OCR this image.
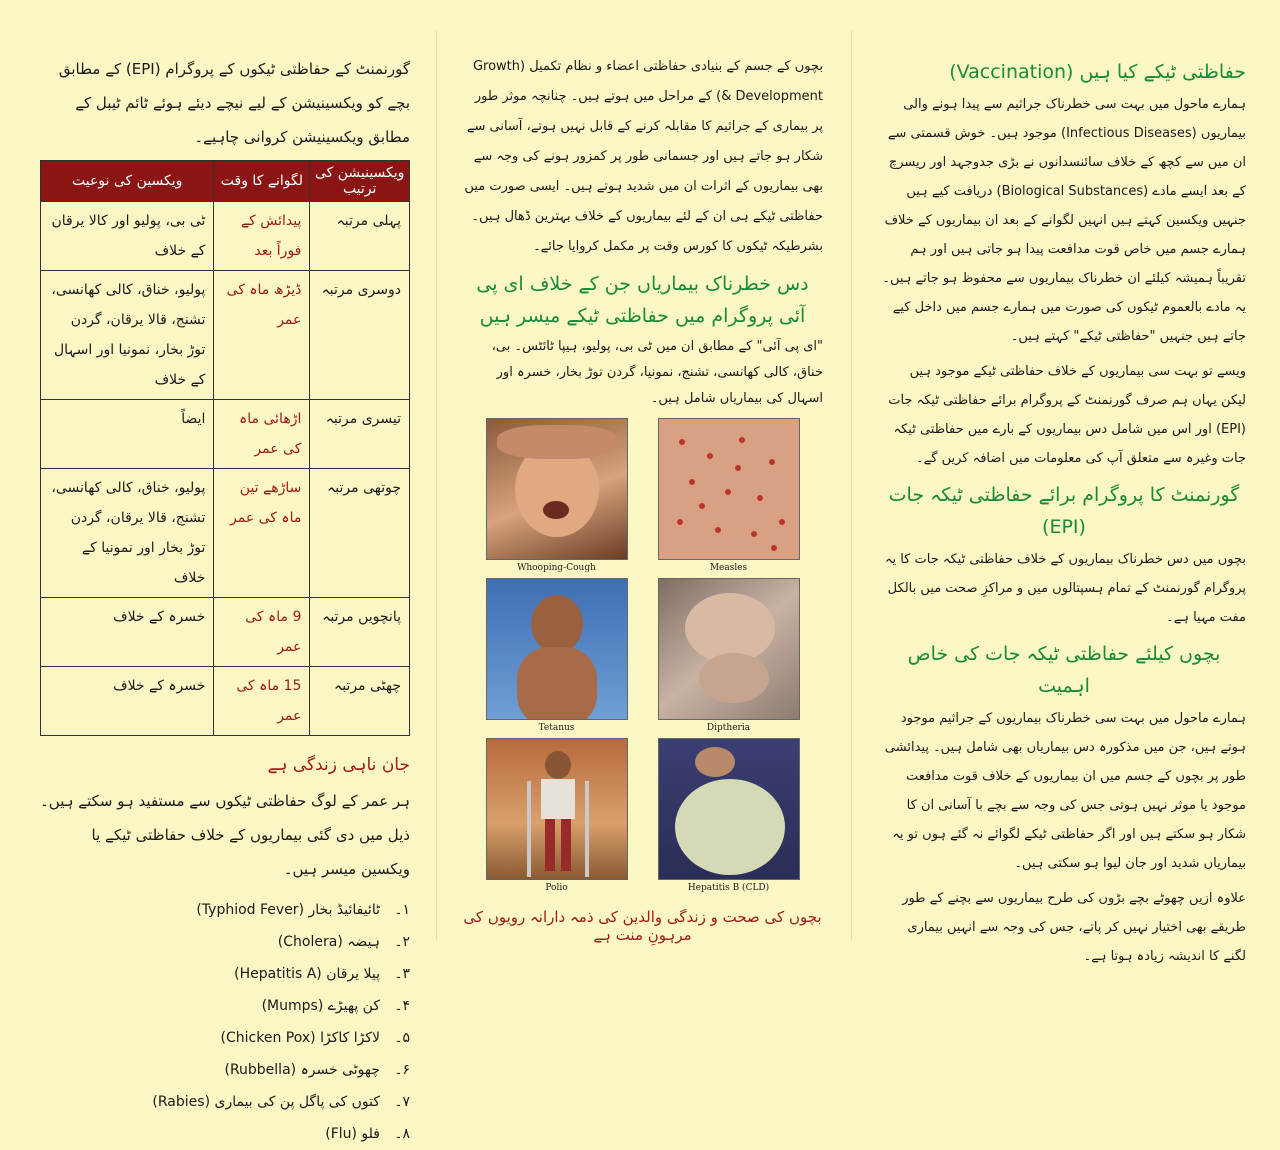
گورنمنٹ کے حفاظتی ٹیکوں کے پروگرام (EPI) کے مطابق بچے کو ویکسینیشن کے لیے نیچے دیئے ہوئے ٹائم ٹیبل کے مطابق ویکسینیشن کروانی چاہیے۔

ویکسینیشن کی ترتیب	لگوانے کا وقت	ویکسین کی نوعیت
پہلی مرتبہ	پیدائش کے فوراً بعد	ٹی بی، پولیو اور کالا یرقان کے خلاف
دوسری مرتبہ	ڈیڑھ ماہ کی عمر	پولیو، خناق، کالی کھانسی، تشنج، قالا یرقان، گردن توڑ بخار، نمونیا اور اسہال کے خلاف
تیسری مرتبہ	اڑھائی ماہ کی عمر	ایضاً
چوتھی مرتبہ	ساڑھے تین ماہ کی عمر	پولیو، خناق، کالی کھانسی، تشنج، قالا یرقان، گردن توڑ بخار اور نمونیا کے خلاف
پانچویں مرتبہ	9 ماہ کی عمر	خسرہ کے خلاف
چھٹی مرتبہ	15 ماہ کی عمر	خسرہ کے خلاف
جان ناہی زندگی ہے

ہر عمر کے لوگ حفاظتی ٹیکوں سے مستفید ہو سکتے ہیں۔ ذیل میں دی گئی بیماریوں کے خلاف حفاظتی ٹیکے یا ویکسین میسر ہیں۔

۱۔ٹائیفائیڈ بخار (Typhiod Fever)
۲۔ہیضہ (Cholera)
۳۔پیلا یرقان (Hepatitis A)
۴۔کن پھیڑے (Mumps)
۵۔لاکڑا کاکڑا (Chicken Pox)
۶۔چھوٹی خسرہ (Rubbella)
۷۔کتوں کی پاگل پن کی بیماری (Rabies)
۸۔فلو (Flu)

بچوں کے جسم کے بنیادی حفاظتی اعضاء و نظام تکمیل (Growth & Development) کے مراحل میں ہوتے ہیں۔ چنانچہ موثر طور پر بیماری کے جراثیم کا مقابلہ کرنے کے قابل نہیں ہوتے، آسانی سے شکار ہو جاتے ہیں اور جسمانی طور پر کمزور ہونے کی وجہ سے بھی بیماریوں کے اثرات ان میں شدید ہوتے ہیں۔ ایسی صورت میں حفاظتی ٹیکے ہی ان کے لئے بیماریوں کے خلاف بہترین ڈھال ہیں۔ بشرطیکہ ٹیکوں کا کورس وقت پر مکمل کروایا جائے۔

دس خطرناک بیماریاں جن کے خلاف ای پی آئی پروگرام میں حفاظتی ٹیکے میسر ہیں

"ای پی آئی" کے مطابق ان میں ٹی بی، پولیو، ہیپا ٹائٹس۔ بی، خناق، کالی کھانسی، تشنج، نمونیا، گردن توڑ بخار، خسرہ اور اسہال کی بیماریاں شامل ہیں۔

Whooping-Cough	Measles
Tetanus	Diptheria
Polio	Hepatitis B (CLD)
بچوں کی صحت و زندگی والدین کی ذمہ دارانہ رویوں کی مرہونِ منت ہے
حفاظتی ٹیکے کیا ہیں (Vaccination)

ہمارے ماحول میں بہت سی خطرناک جراثیم سے پیدا ہونے والی بیماریوں (Infectious Diseases) موجود ہیں۔ خوش قسمتی سے ان میں سے کچھ کے خلاف سائنسدانوں نے بڑی جدوجہد اور ریسرچ کے بعد ایسے مادے (Biological Substances) دریافت کیے ہیں جنہیں ویکسین کہتے ہیں انہیں لگوانے کے بعد ان بیماریوں کے خلاف ہمارے جسم میں خاص قوت مدافعت پیدا ہو جاتی ہیں اور ہم تقریباً ہمیشہ کیلئے ان خطرناک بیماریوں سے محفوظ ہو جاتے ہیں۔ یہ مادے بالعموم ٹیکوں کی صورت میں ہمارے جسم میں داخل کیے جاتے ہیں جنہیں "حفاظتی ٹیکے" کہتے ہیں۔

ویسے تو بہت سی بیماریوں کے خلاف حفاظتی ٹیکے موجود ہیں لیکن یہاں ہم صرف گورنمنٹ کے پروگرام برائے حفاظتی ٹیکہ جات (EPI) اور اس میں شامل دس بیماریوں کے بارے میں حفاظتی ٹیکہ جات وغیرہ سے متعلق آپ کی معلومات میں اضافہ کریں گے۔

گورنمنٹ کا پروگرام برائے حفاظتی ٹیکہ جات (EPI)

بچوں میں دس خطرناک بیماریوں کے خلاف حفاظتی ٹیکہ جات کا یہ پروگرام گورنمنٹ کے تمام ہسپتالوں میں و مراکزِ صحت میں بالکل مفت مہیا ہے۔

بچوں کیلئے حفاظتی ٹیکہ جات کی خاص اہمیت

ہمارے ماحول میں بہت سی خطرناک بیماریوں کے جراثیم موجود ہوتے ہیں، جن میں مذکورہ دس بیماریاں بھی شامل ہیں۔ پیدائشی طور پر بچوں کے جسم میں ان بیماریوں کے خلاف قوت مدافعت موجود یا موثر نہیں ہوتی جس کی وجہ سے بچے با آسانی ان کا شکار ہو سکتے ہیں اور اگر حفاظتی ٹیکے لگوائے نہ گئے ہوں تو یہ بیماریاں شدید اور جان لیوا ہو سکتی ہیں۔

علاوہ ازیں چھوٹے بچے بڑوں کی طرح بیماریوں سے بچنے کے طور طریقے بھی اختیار نہیں کر پاتے، جس کی وجہ سے انہیں بیماری لگنے کا اندیشہ زیادہ ہوتا ہے۔
